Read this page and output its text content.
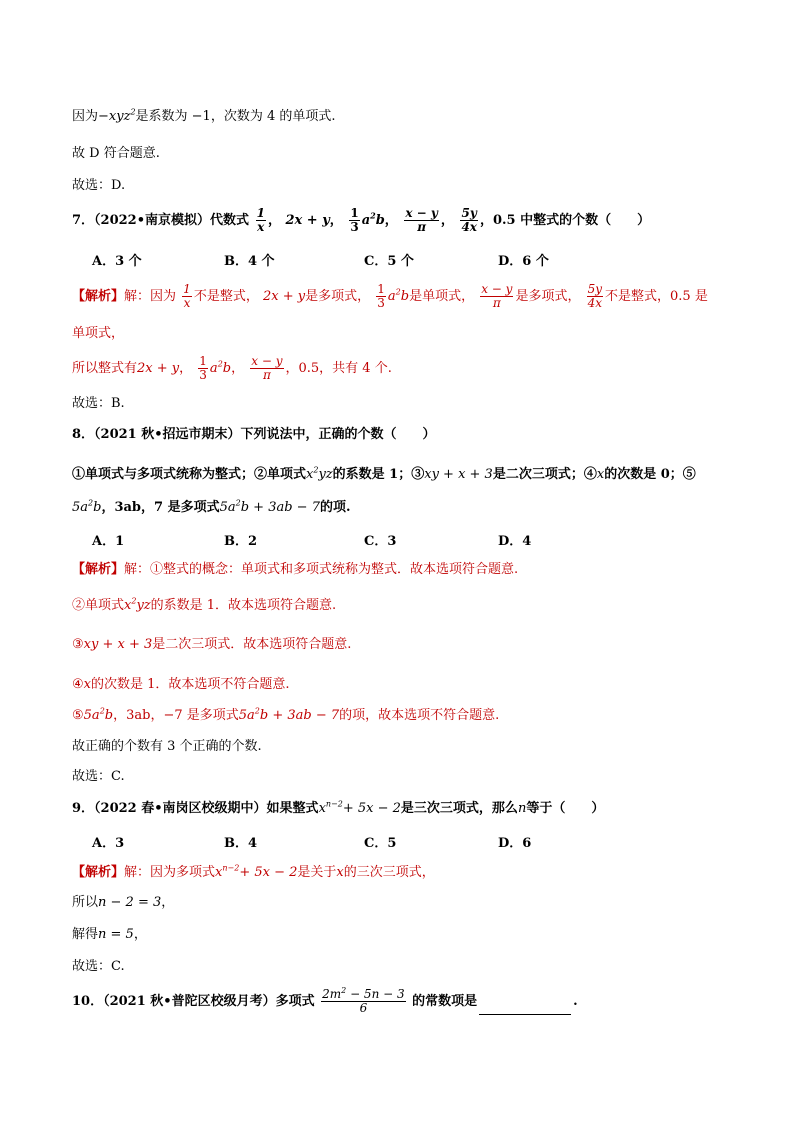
因为−xyz$^2$是系数为 −1，次数为 4 的单项式.
故 D 符合题意.
故选：D.
7．（2022•南京模拟）代数式 $\frac{1}{x}$ ， 2x + y， $\frac{1}{3} a^2b$， $\frac{x - y}{\pi}$ ， $\frac{5y}{4x}$ ，0.5 中整式的个数（　　）
A．3 个	B．4 个	C．5 个	D．6 个
【解析】解：因为 $\frac{1}{x}$ 不是整式， 2x + y是多项式， $\frac{1}{3} a^2b$是单项式， $\frac{x - y}{\pi}$ 是多项式， $\frac{5y}{4x}$ 不是整式，0.5 是
单项式，
所以整式有2x + y， $\frac{1}{3} a^2b$， $\frac{x - y}{\pi}$ ，0.5，共有 4 个.
故选：B.
8．（2021 秋•招远市期末）下列说法中，正确的个数（　　）
①单项式与多项式统称为整式；②单项式$x^2yz$的系数是 1；③xy + x + 3是二次三项式；④x的次数是 0；⑤
$5a^2b$，3ab，7 是多项式$5a^2b + 3ab - 7$的项.
A．1	B．2	C．3	D．4
【解析】解：①整式的概念：单项式和多项式统称为整式．故本选项符合题意.
②单项式$x^2yz$的系数是 1．故本选项符合题意.
③xy + x + 3是二次三项式．故本选项符合题意.
④x的次数是 1．故本选项不符合题意.
$⑤5a^2b$，3ab，−7 是多项式$5a^2b + 3ab - 7$的项，故本选项不符合题意.
故正确的个数有 3 个正确的个数.
故选：C.
9．（2022 春•南岗区校级期中）如果整式$x^{n-2}+ 5x - 2$是三次三项式，那么n等于（　　）
A．3	B．4	C．5	D．6
【解析】解：因为多项式$x^{n-2}+ 5x - 2$是关于x的三次三项式，
所以n − 2 = 3，
解得n = 5，
故选：C.
10．（2021 秋•普陀区校级月考）多项式 $\frac{2m^2 - 5n - 3}{6}$ 的常数项是	.
